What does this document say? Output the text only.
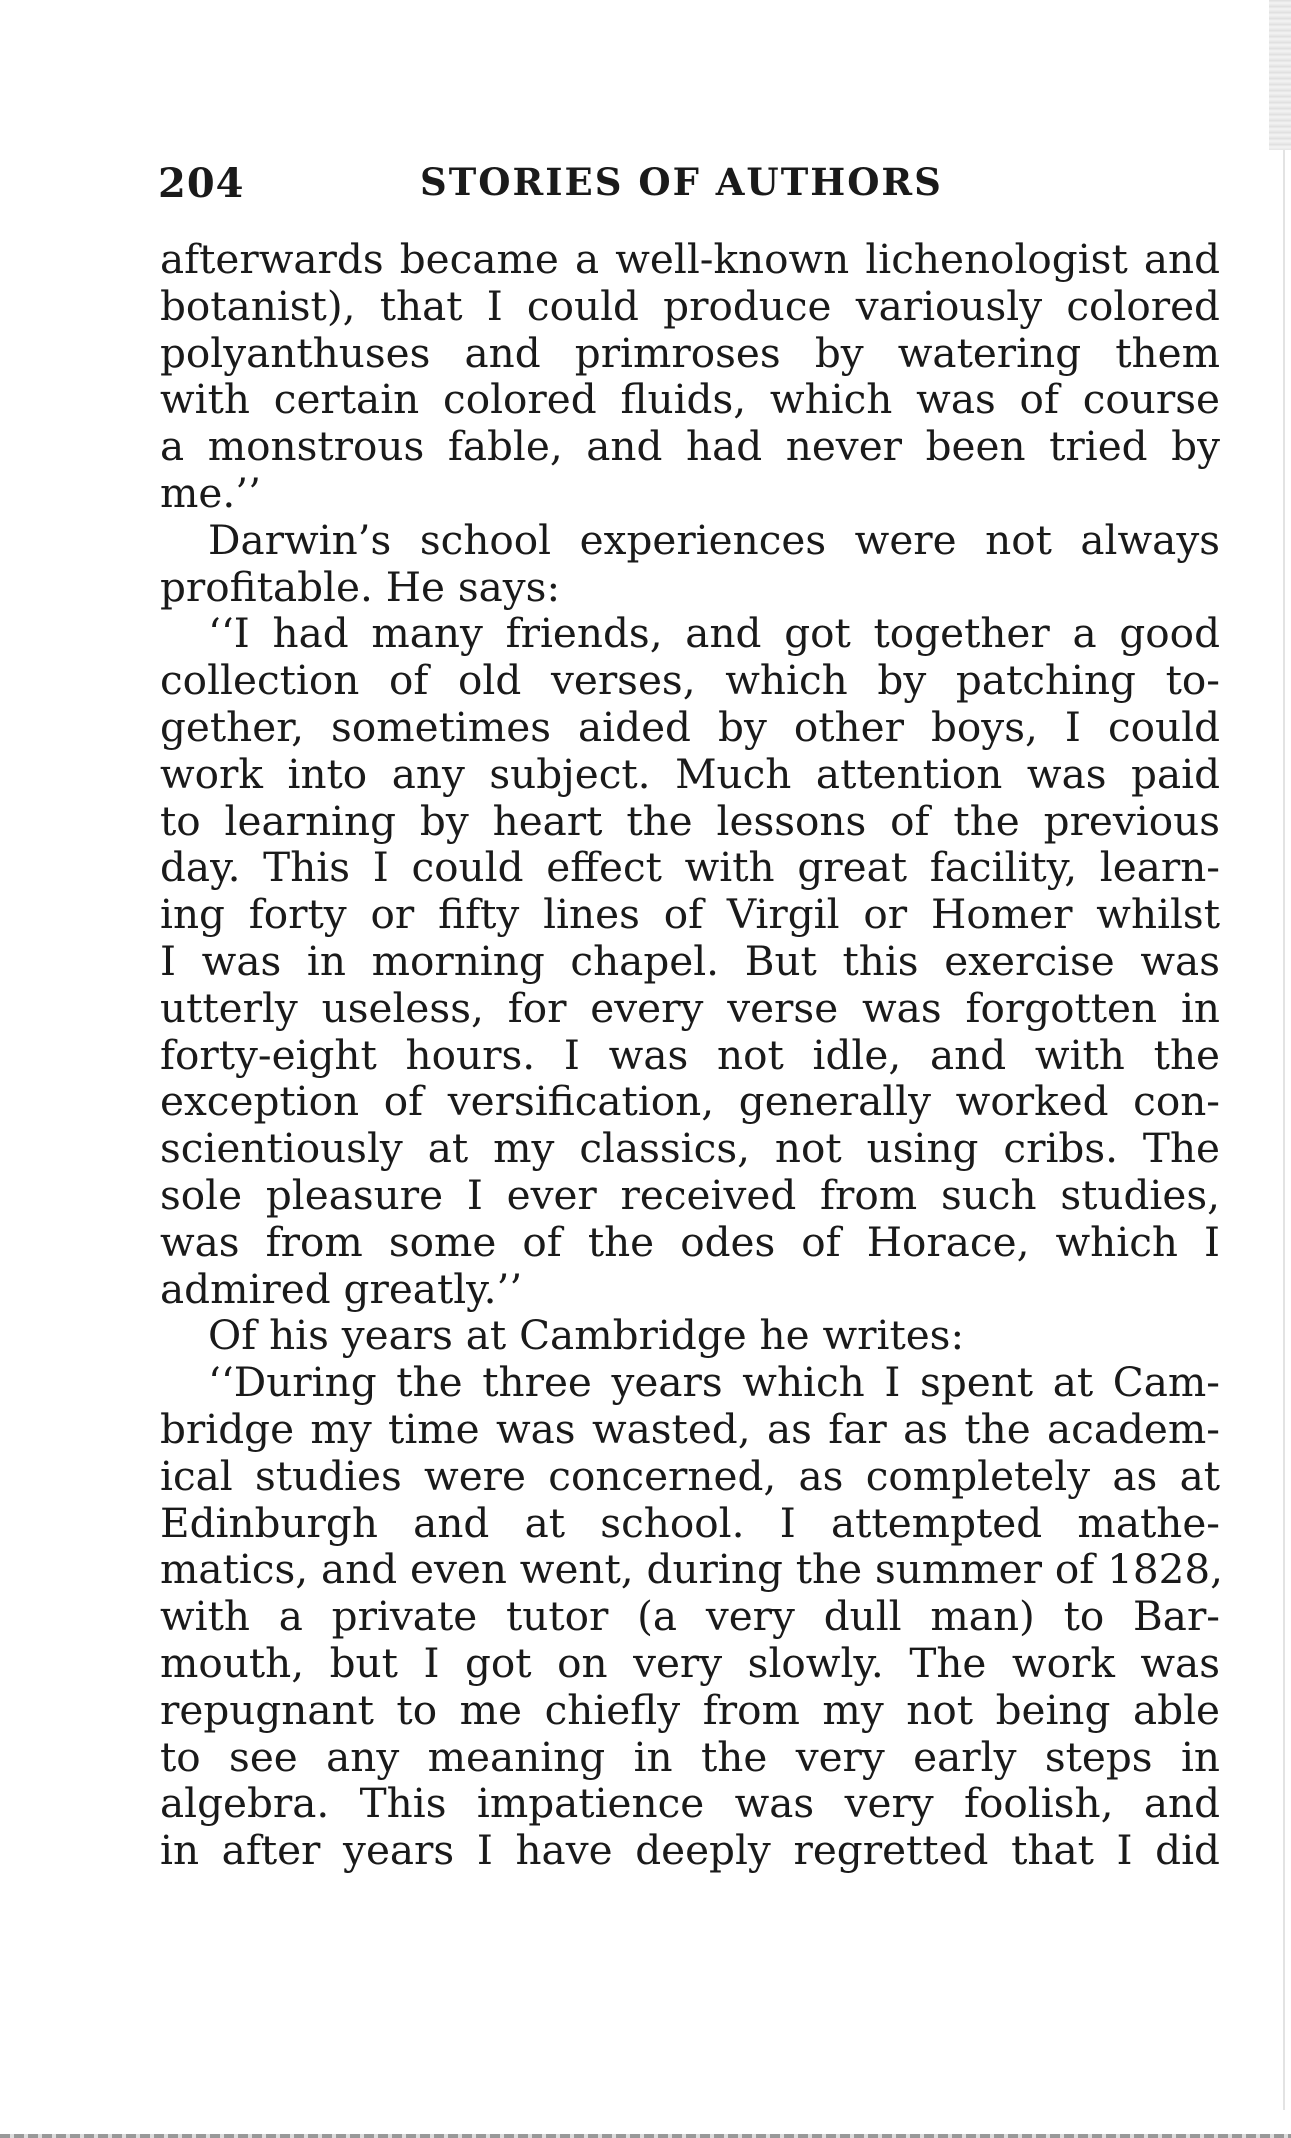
204	STORIES OF AUTHORS
afterwards became a well-known lichenologist and
botanist), that I could produce variously colored
polyanthuses and primroses by watering them
with certain colored fluids, which was of course
a monstrous fable, and had never been tried by
me.’’
Darwin’s school experiences were not always
profitable. He says:
‘‘I had many friends, and got together a good
collection of old verses, which by patching to-
gether, sometimes aided by other boys, I could
work into any subject. Much attention was paid
to learning by heart the lessons of the previous
day. This I could effect with great facility, learn-
ing forty or fifty lines of Virgil or Homer whilst
I was in morning chapel. But this exercise was
utterly useless, for every verse was forgotten in
forty-eight hours. I was not idle, and with the
exception of versification, generally worked con-
scientiously at my classics, not using cribs. The
sole pleasure I ever received from such studies,
was from some of the odes of Horace, which I
admired greatly.’’
Of his years at Cambridge he writes:
‘‘During the three years which I spent at Cam-
bridge my time was wasted, as far as the academ-
ical studies were concerned, as completely as at
Edinburgh and at school. I attempted mathe-
matics, and even went, during the summer of 1828,
with a private tutor (a very dull man) to Bar-
mouth, but I got on very slowly. The work was
repugnant to me chiefly from my not being able
to see any meaning in the very early steps in
algebra. This impatience was very foolish, and
in after years I have deeply regretted that I did
